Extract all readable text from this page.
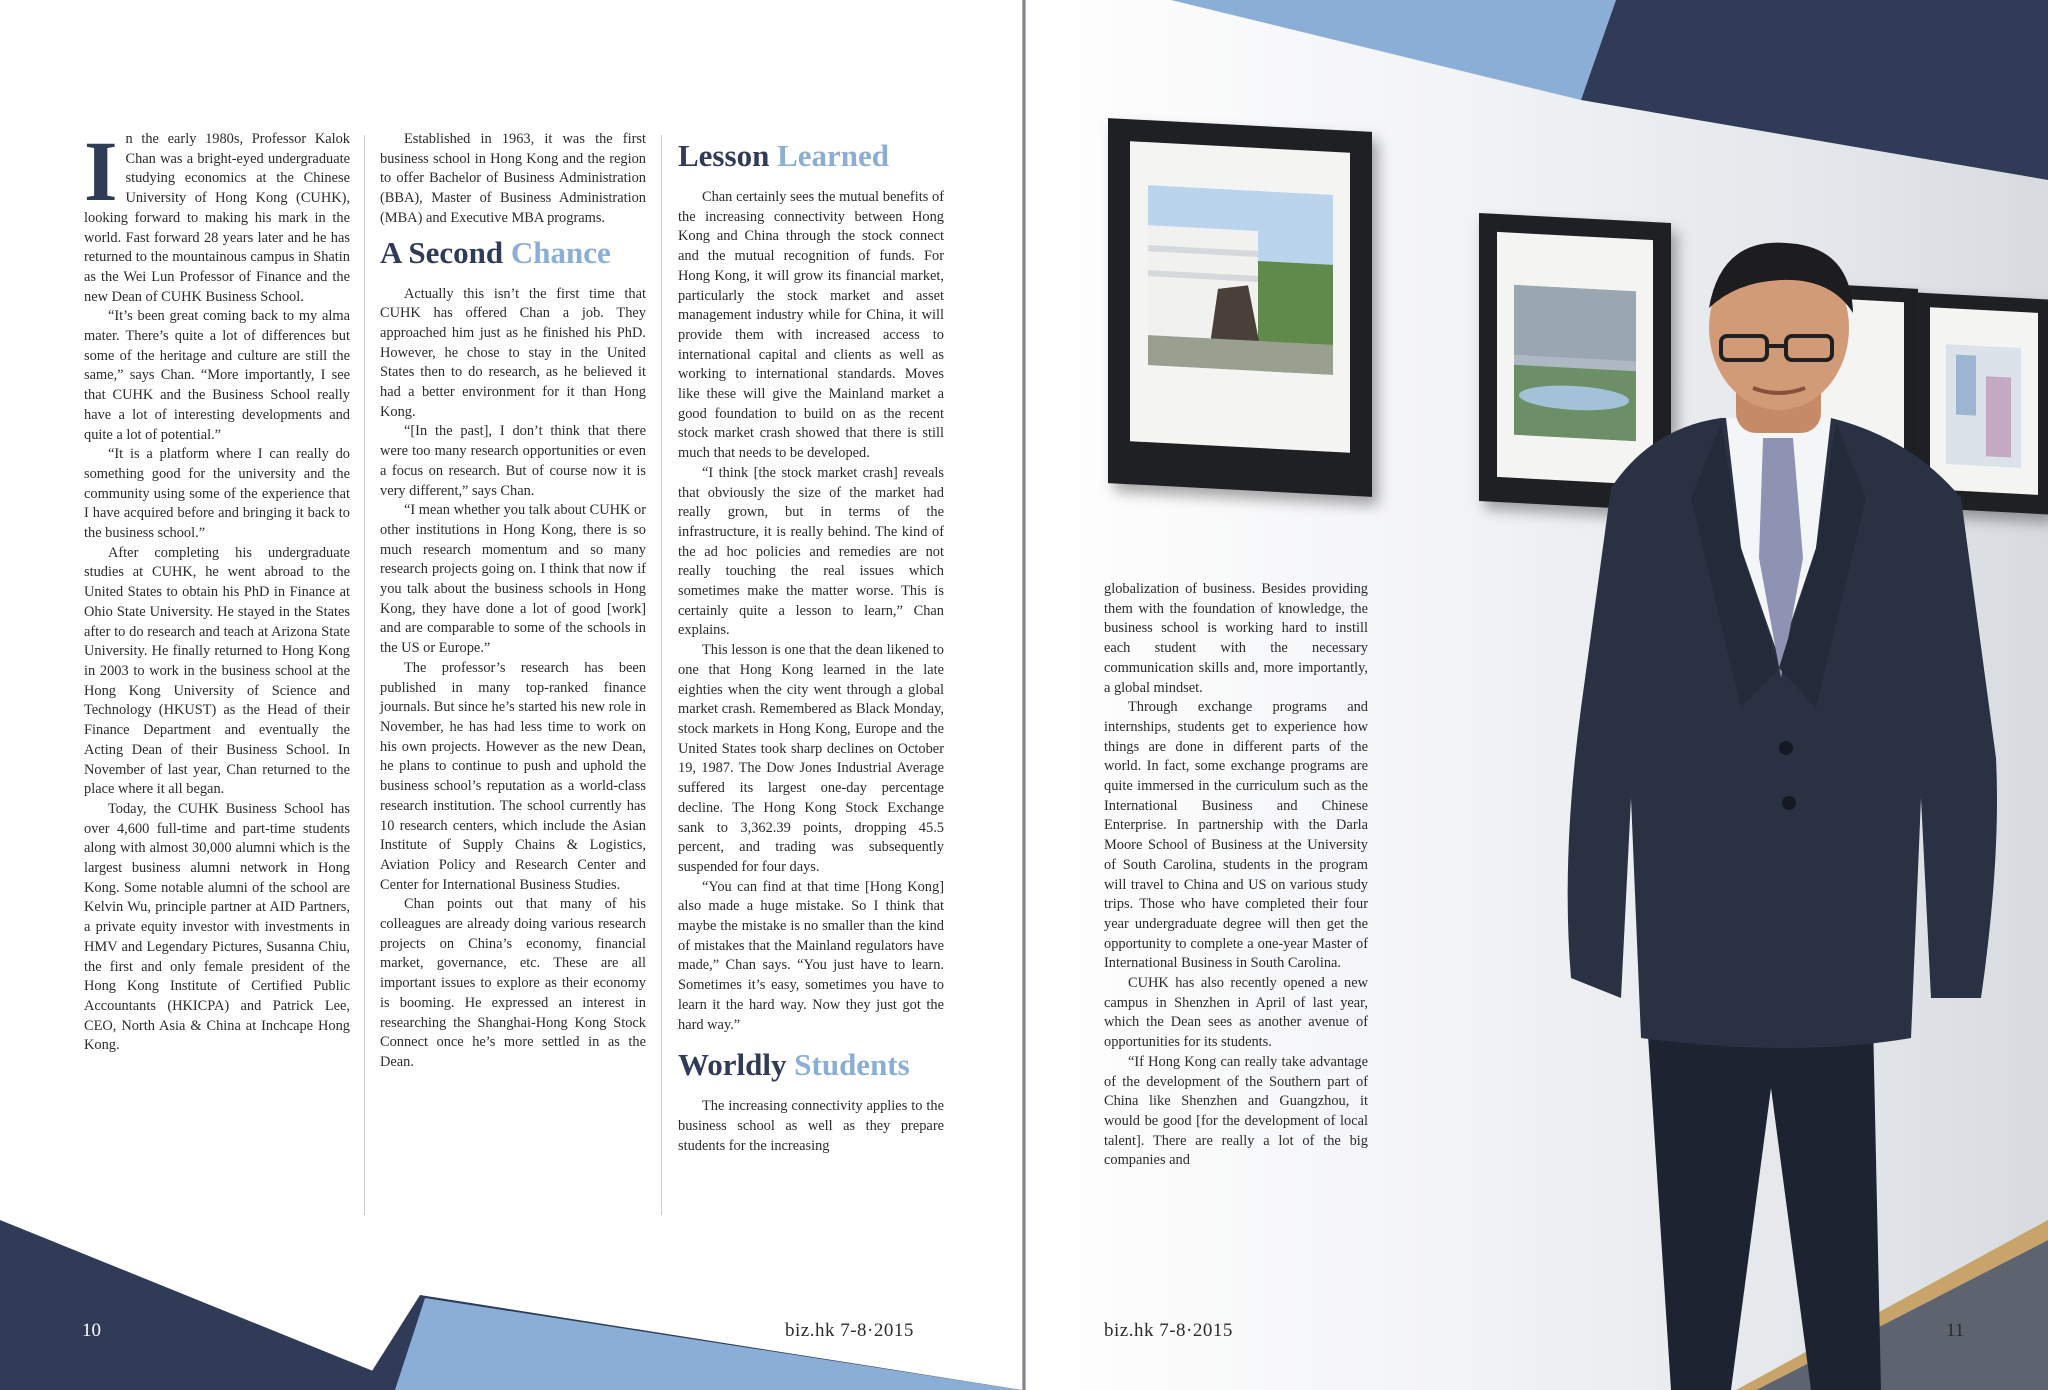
In the early 1980s, Professor Kalok Chan was a bright-eyed undergraduate studying economics at the Chinese University of Hong Kong (CUHK), looking forward to making his mark in the world. Fast forward 28 years later and he has returned to the mountainous campus in Shatin as the Wei Lun Professor of Finance and the new Dean of CUHK Business School.

“It’s been great coming back to my alma mater. There’s quite a lot of differences but some of the heritage and culture are still the same,” says Chan. “More importantly, I see that CUHK and the Business School really have a lot of interesting developments and quite a lot of potential.”

“It is a platform where I can really do something good for the university and the community using some of the experience that I have acquired before and bringing it back to the business school.”

After completing his undergraduate studies at CUHK, he went abroad to the United States to obtain his PhD in Finance at Ohio State University. He stayed in the States after to do research and teach at Arizona State University. He finally returned to Hong Kong in 2003 to work in the business school at the Hong Kong University of Science and Technology (HKUST) as the Head of their Finance Department and eventually the Acting Dean of their Business School. In November of last year, Chan returned to the place where it all began.

Today, the CUHK Business School has over 4,600 full-time and part-time students along with almost 30,000 alumni which is the largest business alumni network in Hong Kong. Some notable alumni of the school are Kelvin Wu, principle partner at AID Partners, a private equity investor with investments in HMV and Legendary Pictures, Susanna Chiu, the first and only female president of the Hong Kong Institute of Certified Public Accountants (HKICPA) and Patrick Lee, CEO, North Asia & China at Inchcape Hong Kong.

Established in 1963, it was the first business school in Hong Kong and the region to offer Bachelor of Business Administration (BBA), Master of Business Administration (MBA) and Executive MBA programs.

A Second Chance

Actually this isn’t the first time that CUHK has offered Chan a job. They approached him just as he finished his PhD. However, he chose to stay in the United States then to do research, as he believed it had a better environment for it than Hong Kong.

“[In the past], I don’t think that there were too many research opportunities or even a focus on research. But of course now it is very different,” says Chan.

“I mean whether you talk about CUHK or other institutions in Hong Kong, there is so much research momentum and so many research projects going on. I think that now if you talk about the business schools in Hong Kong, they have done a lot of good [work] and are comparable to some of the schools in the US or Europe.”

The professor’s research has been published in many top-ranked finance journals. But since he’s started his new role in November, he has had less time to work on his own projects. However as the new Dean, he plans to continue to push and uphold the business school’s reputation as a world-class research institution. The school currently has 10 research centers, which include the Asian Institute of Supply Chains & Logistics, Aviation Policy and Research Center and Center for International Business Studies.

Chan points out that many of his colleagues are already doing various research projects on China’s economy, financial market, governance, etc. These are all important issues to explore as their economy is booming. He expressed an interest in researching the Shanghai-Hong Kong Stock Connect once he’s more settled in as the Dean.

Lesson Learned

Chan certainly sees the mutual benefits of the increasing connectivity between Hong Kong and China through the stock connect and the mutual recognition of funds. For Hong Kong, it will grow its financial market, particularly the stock market and asset management industry while for China, it will provide them with increased access to international capital and clients as well as working to international standards. Moves like these will give the Mainland market a good foundation to build on as the recent stock market crash showed that there is still much that needs to be developed.

“I think [the stock market crash] reveals that obviously the size of the market had really grown, but in terms of the infrastructure, it is really behind. The kind of the ad hoc policies and remedies are not really touching the real issues which sometimes make the matter worse. This is certainly quite a lesson to learn,” Chan explains.

This lesson is one that the dean likened to one that Hong Kong learned in the late eighties when the city went through a global market crash. Remembered as Black Monday, stock markets in Hong Kong, Europe and the United States took sharp declines on October 19, 1987. The Dow Jones Industrial Average suffered its largest one-day percentage decline. The Hong Kong Stock Exchange sank to 3,362.39 points, dropping 45.5 percent, and trading was subsequently suspended for four days.

“You can find at that time [Hong Kong] also made a huge mistake. So I think that maybe the mistake is no smaller than the kind of mistakes that the Mainland regulators have made,” Chan says. “You just have to learn. Sometimes it’s easy, sometimes you have to learn it the hard way. Now they just got the hard way.”

Worldly Students

The increasing connectivity applies to the business school as well as they prepare students for the increasing

10	biz.hk 7-8·2015

globalization of business. Besides providing them with the foundation of knowledge, the business school is working hard to instill each student with the necessary communication skills and, more importantly, a global mindset.

Through exchange programs and internships, students get to experience how things are done in different parts of the world. In fact, some exchange programs are quite immersed in the curriculum such as the International Business and Chinese Enterprise. In partnership with the Darla Moore School of Business at the University of South Carolina, students in the program will travel to China and US on various study trips. Those who have completed their four year undergraduate degree will then get the opportunity to complete a one-year Master of International Business in South Carolina.

CUHK has also recently opened a new campus in Shenzhen in April of last year, which the Dean sees as another avenue of opportunities for its students.

“If Hong Kong can really take advantage of the development of the Southern part of China like Shenzhen and Guangzhou, it would be good [for the development of local talent]. There are really a lot of the big companies and

biz.hk 7-8·2015	11
